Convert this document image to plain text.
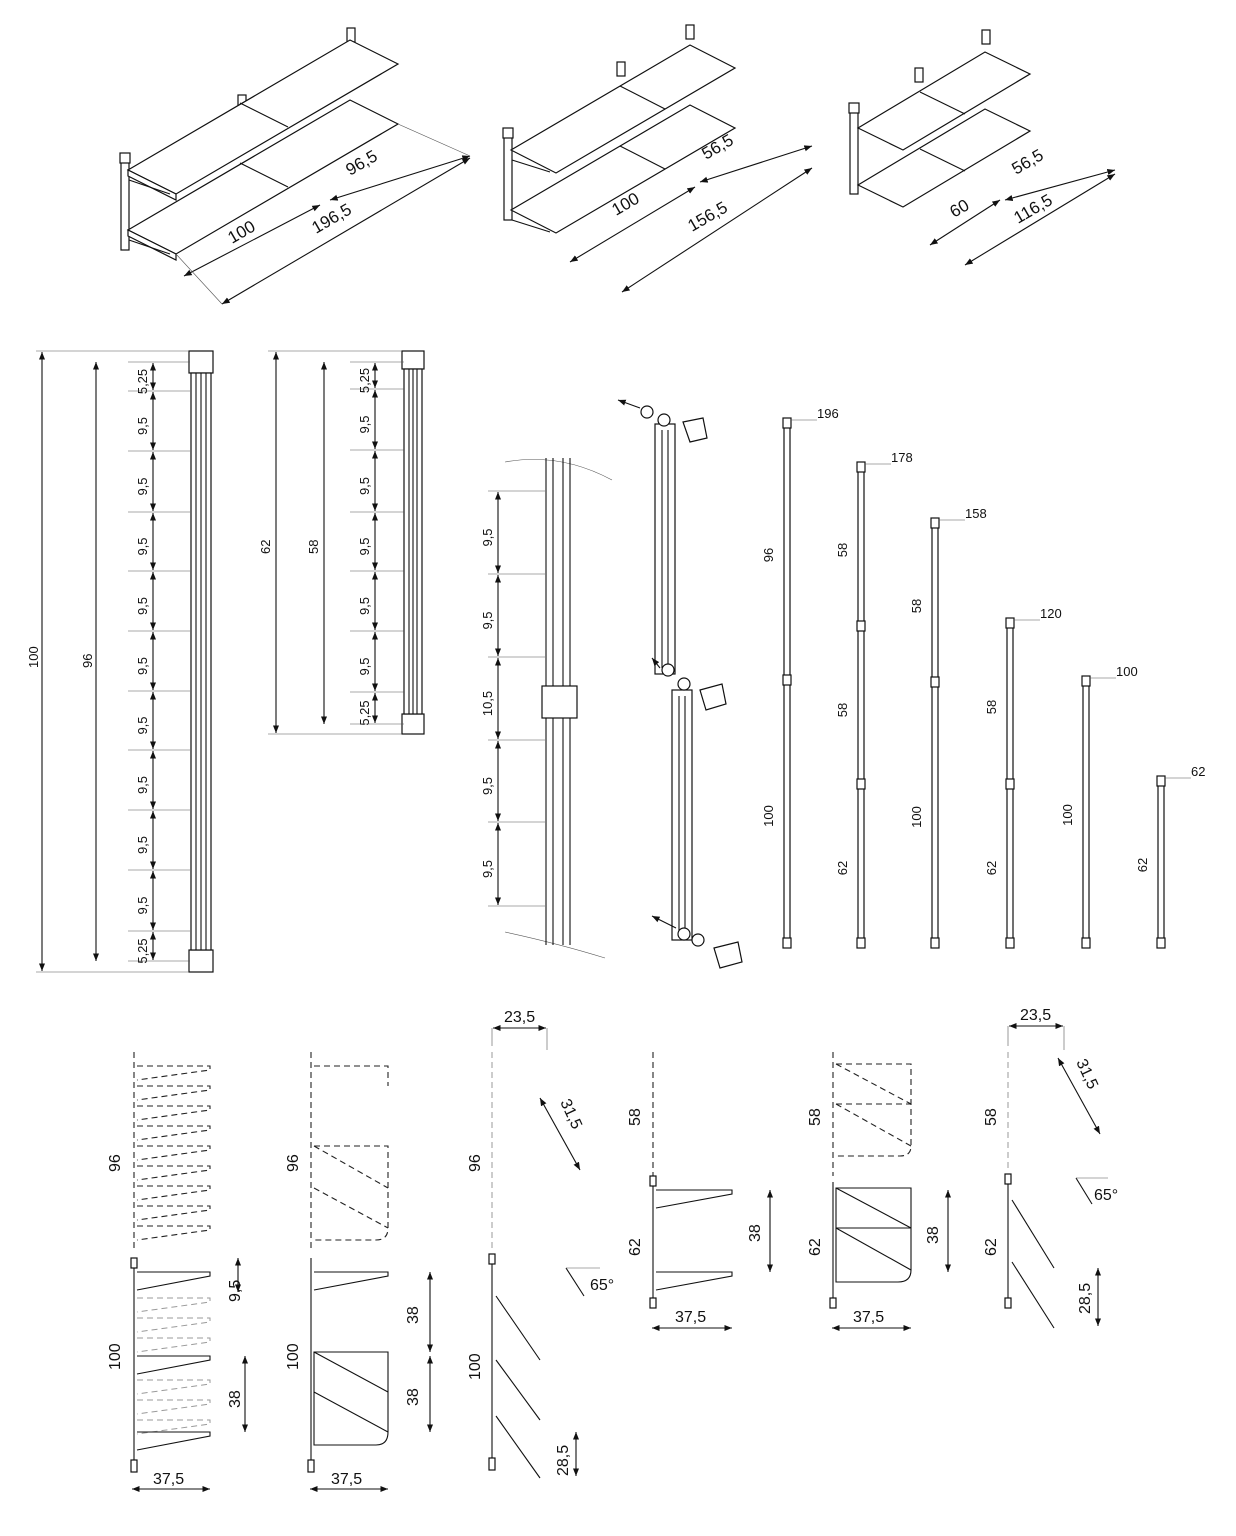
96,5
100	196,5
56,5
100 156,5
56,5
60 116,5
100	96
5,25
9,5
9,5
9,5
9,5
9,5
9,5
9,5
9,5
9,5
5,25
62	58
5,25
9,5
9,5
9,5
9,5
9,5
5,25
9,5
9,5
10,5
9,5
9,5
196
96
100
178
58
58
62
158
58
100
120
58
62
100
100
62
62
96
100
9,5
38
37,5
96
100
38
38
37,5
23,5
31,5
65°
96
100
28,5
58
62
38
37,5
58
62
38
37,5
23,5
31,5
65°
58
62
28,5
